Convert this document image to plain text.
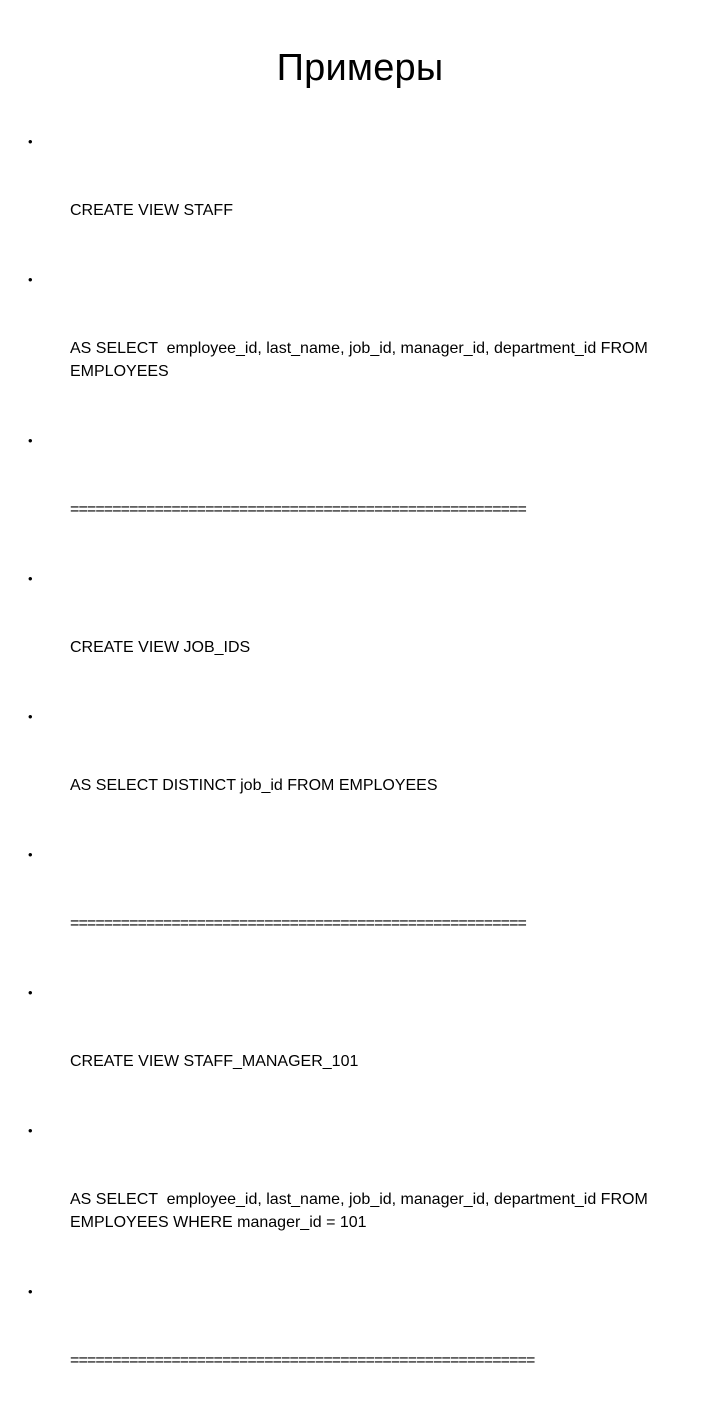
Примеры

•

CREATE VIEW STAFF

•

AS SELECT  employee_id, last_name, job_id, manager_id, department_id FROM EMPLOYEES

•

======================================================

•

CREATE VIEW JOB_IDS

•

AS SELECT DISTINCT job_id FROM EMPLOYEES

•

======================================================

•

CREATE VIEW STAFF_MANAGER_101

•

AS SELECT  employee_id, last_name, job_id, manager_id, department_id FROM EMPLOYEES WHERE manager_id = 101

•

=======================================================
